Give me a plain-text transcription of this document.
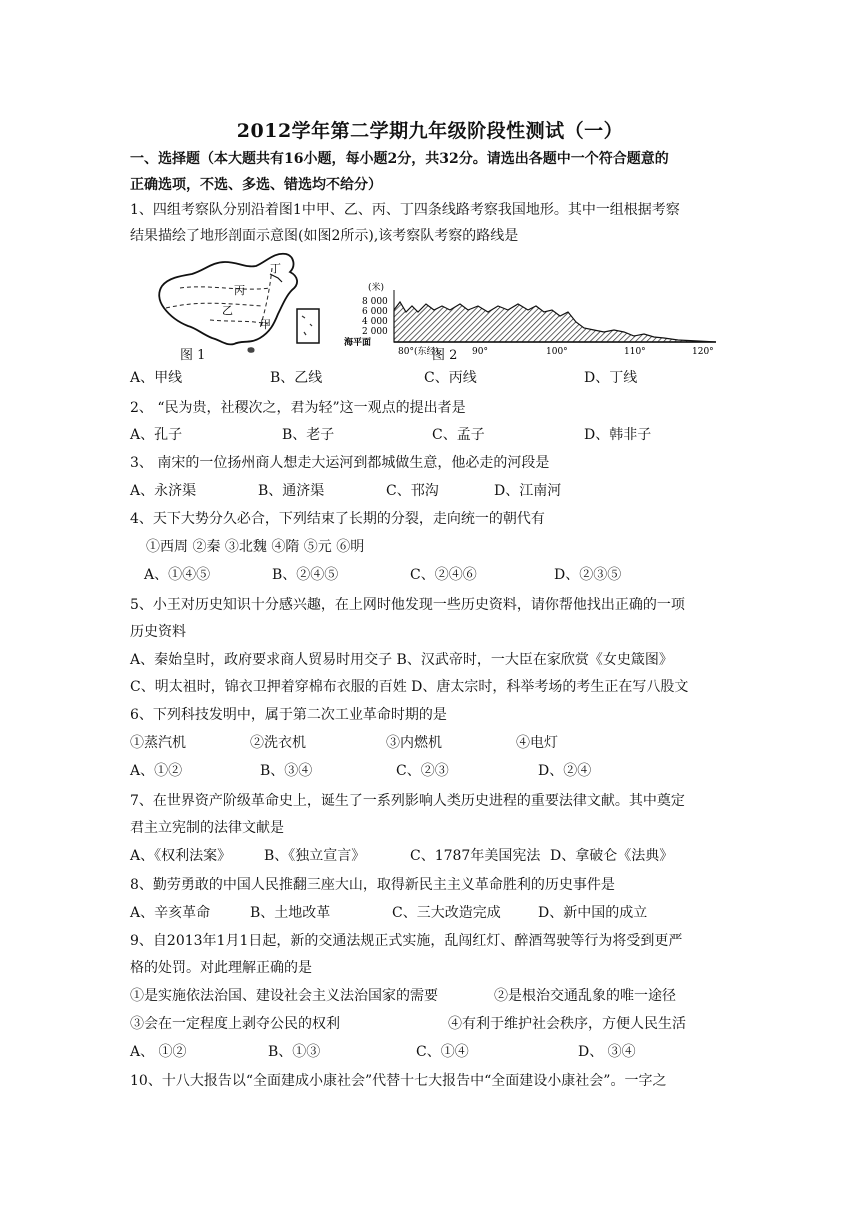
2012学年第二学期九年级阶段性测试（一）
一、选择题（本大题共有16小题，每小题2分，共32分。请选出各题中一个符合题意的
正确选项，不选、多选、错选均不给分）
1、四组考察队分别沿着图1中甲、乙、丙、丁四条线路考察我国地形。其中一组根据考察
结果描绘了地形剖面示意图(如图2所示),该考察队考察的路线是
丁
丙
乙
甲
图 1
(米)
8 000
6 000
4 000
2 000
海平面
80°(东经)	90°	100°	110°	120°
图 2
A、甲线	B、乙线	C、丙线	D、丁线
2、 “民为贵，社稷次之，君为轻”这一观点的提出者是
A、孔子	B、老子	C、孟子	D、韩非子
3、 南宋的一位扬州商人想走大运河到都城做生意，他必走的河段是
A、永济渠	B、通济渠	C、邗沟	D、江南河
4、天下大势分久必合，下列结束了长期的分裂，走向统一的朝代有
①西周 ②秦 ③北魏 ④隋 ⑤元 ⑥明
A、①④⑤	B、②④⑤	C、②④⑥	D、②③⑤
5、小王对历史知识十分感兴趣，在上网时他发现一些历史资料，请你帮他找出正确的一项
历史资料
A、秦始皇时，政府要求商人贸易时用交子 B、汉武帝时，一大臣在家欣赏《女史箴图》
C、明太祖时，锦衣卫押着穿棉布衣服的百姓 D、唐太宗时，科举考场的考生正在写八股文
6、下列科技发明中，属于第二次工业革命时期的是
①蒸汽机	②洗衣机	③内燃机	④电灯
A、①②	B、③④	C、②③	D、②④
7、在世界资产阶级革命史上，诞生了一系列影响人类历史进程的重要法律文献。其中奠定
君主立宪制的法律文献是
A、《权利法案》 B、《独立宣言》	C、1787年美国宪法 D、拿破仑《法典》
8、勤劳勇敢的中国人民推翻三座大山，取得新民主主义革命胜利的历史事件是
A、辛亥革命	B、土地改革	C、三大改造完成	D、新中国的成立
9、自2013年1月1日起，新的交通法规正式实施，乱闯红灯、醉酒驾驶等行为将受到更严
格的处罚。对此理解正确的是
①是实施依法治国、建设社会主义法治国家的需要	②是根治交通乱象的唯一途径
③会在一定程度上剥夺公民的权利	④有利于维护社会秩序，方便人民生活
A、 ①②	B、①③	C、①④	D、 ③④
10、十八大报告以“全面建成小康社会”代替十七大报告中“全面建设小康社会”。一字之
